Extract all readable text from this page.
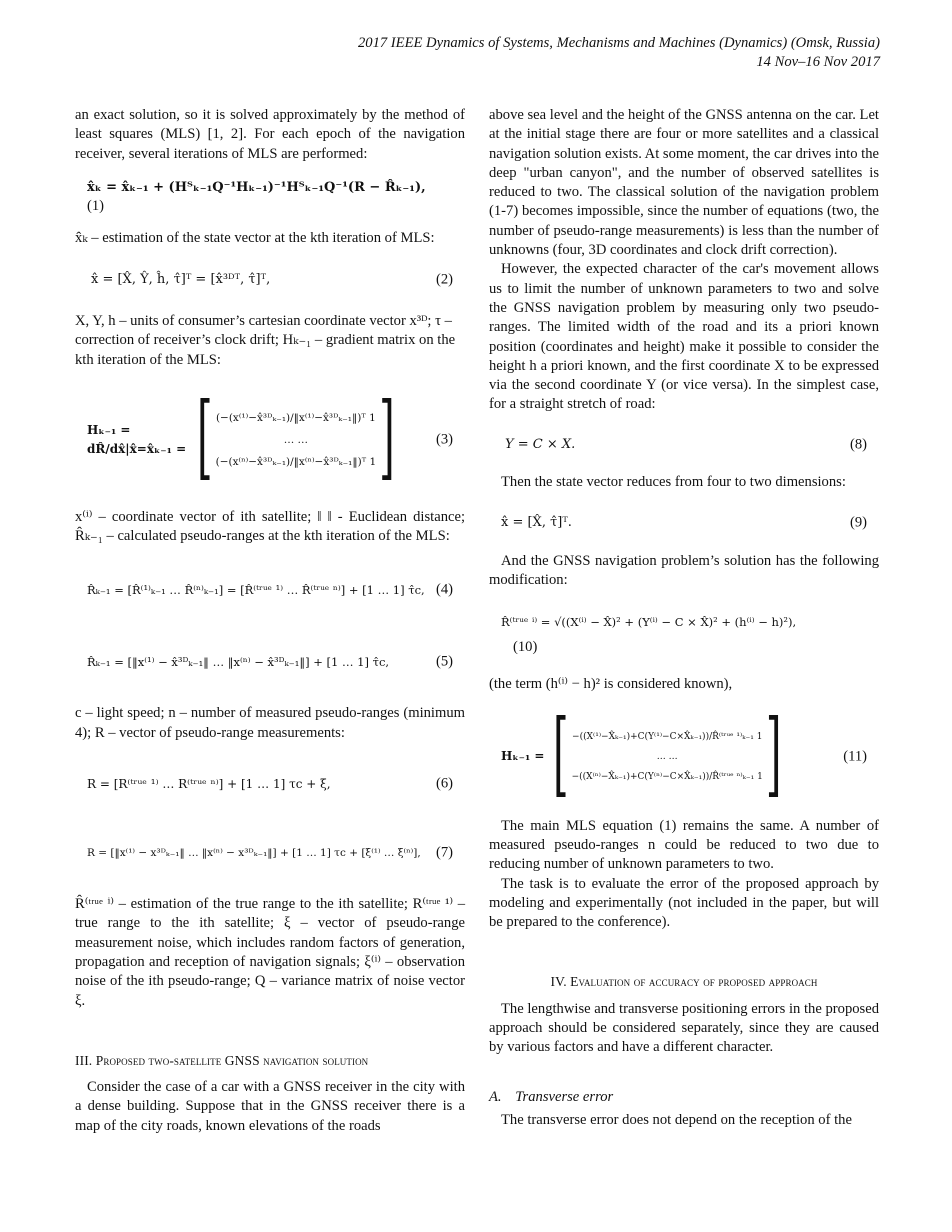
2017 IEEE Dynamics of Systems, Mechanisms and Machines (Dynamics) (Omsk, Russia)
14 Nov–16 Nov 2017

an exact solution, so it is solved approximately by the method of least squares (MLS) [1, 2]. For each epoch of the navigation receiver, several iterations of MLS are performed:

x̂ₖ = x̂ₖ₋₁ + (Hᵀₖ₋₁Q⁻¹Hₖ₋₁)⁻¹Hᵀₖ₋₁Q⁻¹(R − R̂ₖ₋₁),
(1)

x̂ₖ – estimation of the state vector at the kth iteration of MLS:

x̂ = [X̂, Ŷ, ĥ, τ̂]ᵀ = [x̂³ᴰᵀ, τ̂]ᵀ,	(2)

X, Y, h – units of consumer’s cartesian coordinate vector x³ᴰ; τ – correction of receiver’s clock drift; Hₖ₋₁ – gradient matrix on the kth iteration of the MLS:

Hₖ₋₁ = dR̂/dx̂|x̂=x̂ₖ₋₁ = [ (−(x⁽¹⁾−x̂³ᴰₖ₋₁)/‖x⁽¹⁾−x̂³ᴰₖ₋₁‖)ᵀ 1
… …
(−(x⁽ⁿ⁾−x̂³ᴰₖ₋₁)/‖x⁽ⁿ⁾−x̂³ᴰₖ₋₁‖)ᵀ 1 ]	(3)

x⁽ⁱ⁾ – coordinate vector of ith satellite; ‖ ‖ - Euclidean distance; R̂ₖ₋₁ – calculated pseudo-ranges at the kth iteration of the MLS:

R̂ₖ₋₁ = [R̂⁽¹⁾ₖ₋₁ … R̂⁽ⁿ⁾ₖ₋₁] = [R̂⁽ᵗʳᵘᵉ ¹⁾ … R̂⁽ᵗʳᵘᵉ ⁿ⁾] + [1 … 1] τ̂c, (4)
R̂ₖ₋₁ = [‖x⁽¹⁾ − x̂³ᴰₖ₋₁‖ … ‖x⁽ⁿ⁾ − x̂³ᴰₖ₋₁‖] + [1 … 1] τ̂c,	(5)

c – light speed; n – number of measured pseudo-ranges (minimum 4); R – vector of pseudo-range measurements:

R = [R⁽ᵗʳᵘᵉ ¹⁾ … R⁽ᵗʳᵘᵉ ⁿ⁾] + [1 … 1] τc + ξ,	(6)
R = [‖x⁽¹⁾ − x³ᴰₖ₋₁‖ … ‖x⁽ⁿ⁾ − x³ᴰₖ₋₁‖] + [1 … 1] τc + [ξ⁽¹⁾ … ξ⁽ⁿ⁾], (7)

R̂⁽ᵗʳᵘᵉ ⁱ⁾ – estimation of the true range to the ith satellite; R⁽ᵗʳᵘᵉ ¹⁾ – true range to the ith satellite; ξ – vector of pseudo-range measurement noise, which includes random factors of generation, propagation and reception of navigation signals; ξ⁽ⁱ⁾ – observation noise of the ith pseudo-range; Q – variance matrix of noise vector ξ.

III. Proposed two-satellite GNSS navigation solution

Consider the case of a car with a GNSS receiver in the city with a dense building. Suppose that in the GNSS receiver there is a map of the city roads, known elevations of the roads

above sea level and the height of the GNSS antenna on the car. Let at the initial stage there are four or more satellites and a classical navigation solution exists. At some moment, the car drives into the deep "urban canyon", and the number of observed satellites is reduced to two. The classical solution of the navigation problem (1-7) becomes impossible, since the number of equations (two, the number of pseudo-range measurements) is less than the number of unknowns (four, 3D coordinates and clock drift correction).

However, the expected character of the car's movement allows us to limit the number of unknown parameters to two and solve the GNSS navigation problem by measuring only two pseudo-ranges. The limited width of the road and its a priori known position (coordinates and height) make it possible to consider the height h a priori known, and the first coordinate X to be expressed via the second coordinate Y (or vice versa). In the simplest case, for a straight stretch of road:

Y = C × X.	(8)

Then the state vector reduces from four to two dimensions:

x̂ = [X̂, τ̂]ᵀ.	(9)

And the GNSS navigation problem’s solution has the following modification:

R̂⁽ᵗʳᵘᵉ ⁱ⁾ = √((X⁽ⁱ⁾ − X̂)² + (Y⁽ⁱ⁾ − C × X̂)² + (h⁽ⁱ⁾ − h)²),
(10)

(the term (h⁽ⁱ⁾ − h)² is considered known),

Hₖ₋₁ = [ −((X⁽¹⁾−X̂ₖ₋₁)+C(Y⁽¹⁾−C×X̂ₖ₋₁))/R̂⁽ᵗʳᵘᵉ ¹⁾ₖ₋₁ 1
… …
−((X⁽ⁿ⁾−X̂ₖ₋₁)+C(Y⁽ⁿ⁾−C×X̂ₖ₋₁))/R̂⁽ᵗʳᵘᵉ ⁿ⁾ₖ₋₁ 1 ]	(11)

The main MLS equation (1) remains the same. A number of measured pseudo-ranges n could be reduced to two due to reducing number of unknown parameters to two.

The task is to evaluate the error of the proposed approach by modeling and experimentally (not included in the paper, but will be prepared to the conference).

IV. Evaluation of accuracy of proposed approach

The lengthwise and transverse positioning errors in the proposed approach should be considered separately, since they are caused by various factors and have a different character.

A. Transverse error

The transverse error does not depend on the reception of the
